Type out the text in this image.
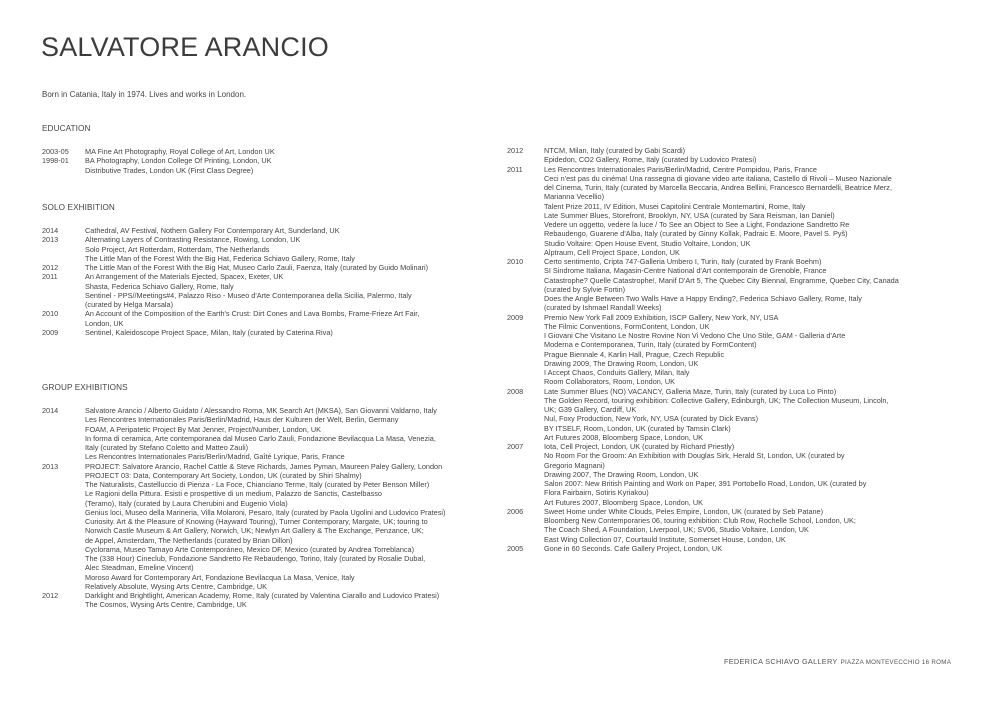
SALVATORE ARANCIO
Born in Catania, Italy in 1974. Lives and works in London.
EDUCATION
2003-05	MA Fine Art Photography, Royal College of Art, London UK
1998-01	BA Photography, London College Of Printing, London, UK
Distributive Trades, London UK (First Class Degree)
SOLO EXHIBITION
2014	Cathedral, AV Festival, Nothern Gallery For Contemporary Art, Sunderland, UK
2013	Alternating Layers of Contrasting Resistance, Rowing, London, UK
Solo Project, Art Rotterdam, Rotterdam, The Netherlands
The Little Man of the Forest With the Big Hat, Federica Schiavo Gallery, Rome, Italy
2012	The Little Man of the Forest With the Big Hat, Museo Carlo Zauli, Faenza, Italy (curated by Guido Molinari)
2011	An Arrangement of the Materials Ejected, Spacex, Exeter, UK
Shasta, Federica Schiavo Gallery, Rome, Italy
Sentinel - PPS//Meetings#4, Palazzo Riso - Museo d'Arte Contemporanea della Sicilia, Palermo, Italy
(curated by Helga Marsala)
2010	An Account of the Composition of the Earth's Crust: Dirt Cones and Lava Bombs, Frame-Frieze Art Fair,
London, UK
2009	Sentinel, Kaleidoscope Project Space, Milan, Italy (curated by Caterina Riva)
GROUP EXHIBITIONS
2014	Salvatore Arancio / Alberto Guidato / Alessandro Roma, MK Search Art (MKSA), San Giovanni Valdarno, Italy
Les Rencontres Internationales Paris/Berlin/Madrid, Haus der Kulturen der Welt, Berlin, Germany
FOAM, A Peripatetic Project By Mat Jenner, Project/Number, London, UK
In forma di ceramica, Arte contemporanea dal Museo Carlo Zauli, Fondazione Bevilacqua La Masa, Venezia,
Italy (curated by Stefano Coletto and Matteo Zauli)
Les Rencontres Internationales Paris/Berlin/Madrid, Gaîté Lyrique, Paris, France
2013	PROJECT: Salvatore Arancio, Rachel Cattle & Steve Richards, James Pyman, Maureen Paley Gallery, London
PROJECT 03: Data, Contemporary Art Society, London, UK (curated by Shiri Shalmy)
The Naturalists, Castelluccio di Pienza - La Foce, Chianciano Terme, Italy (curated by Peter Benson Miller)
Le Ragioni della Pittura. Esisti e prospettive di un medium, Palazzo de Sanctis, Castelbasso
(Teramo), Italy (curated by Laura Cherubini and Eugenio Viola)
Genius loci, Museo della Marineria, Villa Molaroni, Pesaro, Italy (curated by Paola Ugolini and Ludovico Pratesi)
Curiosity. Art & the Pleasure of Knowing (Hayward Touring), Turner Contemporary, Margate, UK; touring to
Norwich Castle Museum & Art Gallery, Norwich, UK; Newlyn Art Gallery & The Exchange, Penzance, UK;
de Appel, Amsterdam, The Netherlands (curated by Brian Dillon)
Cyclorama, Museo Tamayo Arte Contemporáneo, Mexico DF, Mexico (curated by Andrea Torreblanca)
The (338 Hour) Cineclub, Fondazione Sandretto Re Rebaudengo, Torino, Italy (curated by Rosalie Dubal,
Alec Steadman, Emeline Vincent)
Moroso Award for Contemporary Art, Fondazione Bevilacqua La Masa, Venice, Italy
Relatively Absolute, Wysing Arts Centre, Cambridge, UK
2012	Darklight and Brightlight, American Academy, Rome, Italy (curated by Valentina Ciarallo and Ludovico Pratesi)
The Cosmos, Wysing Arts Centre, Cambridge, UK
2012	NTCM, Milan, Italy (curated by Gabi Scardi)
Epidedon, CO2 Gallery, Rome, Italy (curated by Ludovico Pratesi)
2011	Les Rencontres Internationales Paris/Berlin/Madrid, Centre Pompidou, Paris, France
Ceci n'est pas du cinéma! Una rassegna di giovane video arte italiana, Castello di Rivoli – Museo Nazionale
del Cinema, Turin, Italy (curated by Marcella Beccaria, Andrea Bellini, Francesco Bernardelli, Beatrice Merz,
Marianna Vecellio)
Talent Prize 2011, IV Edition, Musei Capitolini Centrale Montemartini, Rome, Italy
Late Summer Blues, Storefront, Brooklyn, NY, USA (curated by Sara Reisman, Ian Daniel)
Vedere un oggetto, vedere la luce / To See an Object to See a Light, Fondazione Sandretto Re
Rebaudengo, Guarene d'Alba, Italy (curated by Ginny Kollak, Padraic E. Moore, Pavel S. Pyš)
Studio Voltaire: Open House Event, Studio Voltaire, London, UK
Alptraum, Cell Project Space, London, UK
2010	Certo sentimento, Cripta 747-Galleria Umbero I, Turin, Italy (curated by Frank Boehm)
SI Sindrome Italiana, Magasin-Centre National d'Art contemporain de Grenoble, France
Catastrophe? Quelle Catastrophe!, Manif D'Art 5, The Quebec City Biennal, Engramme, Quebec City, Canada
(curated by Sylvie Fortin)
Does the Angle Between Two Walls Have a Happy Ending?, Federica Schiavo Gallery, Rome, Italy
(curated by Ishmael Randall Weeks)
2009	Premio New York Fall 2009 Exhibition, ISCP Gallery, New York, NY, USA
The Filmic Conventions, FormContent, London, UK
I Giovani Che Visitano Le Nostre Rovine Non Vi Vedono Che Uno Stile, GAM - Galleria d'Arte
Moderna e Contemporanea, Turin, Italy (curated by FormContent)
Prague Biennale 4, Karlin Hall, Prague, Czech Republic
Drawing 2009, The Drawing Room, London, UK
I Accept Chaos, Conduits Gallery, Milan, Italy
Room Collaborators, Room, London, UK
2008	Late Summer Blues (NO) VACANCY, Galleria Maze, Turin, Italy (curated by Luca Lo Pinto)
The Golden Record, touring exhibition: Collective Gallery, Edinburgh, UK; The Collection Museum, Lincoln,
UK; G39 Gallery, Cardiff, UK
Nul, Foxy Production, New York, NY, USA (curated by Dick Evans)
BY ITSELF, Room, London, UK (curated by Tamsin Clark)
Art Futures 2008, Bloomberg Space, London, UK
2007	Iota, Cell Project, London, UK (curated by Richard Priestly)
No Room For the Groom: An Exhibition with Douglas Sirk, Herald St, London, UK (curated by
Gregorio Magnani)
Drawing 2007, The Drawing Room, London, UK
Salon 2007: New British Painting and Work on Paper, 391 Portobello Road, London, UK (curated by
Flora Fairbairn, Sotiris Kyriakou)
Art Futures 2007, Bloomberg Space, London, UK
2006	Sweet Home under White Clouds, Peles Empire, London, UK (curated by Seb Patane)
Bloomberg New Contemporaries 06, touring exhibition: Club Row, Rochelle School, London, UK;
The Coach Shed, A Foundation, Liverpool, UK; SV06, Studio Voltaire, London, UK
East Wing Collection 07, Courtauld Institute, Somerset House, London, UK
2005	Gone in 60 Seconds. Cafe Gallery Project, London, UK
FEDERICA SCHIAVO GALLERY PIAZZA MONTEVECCHIO 16 ROMA
